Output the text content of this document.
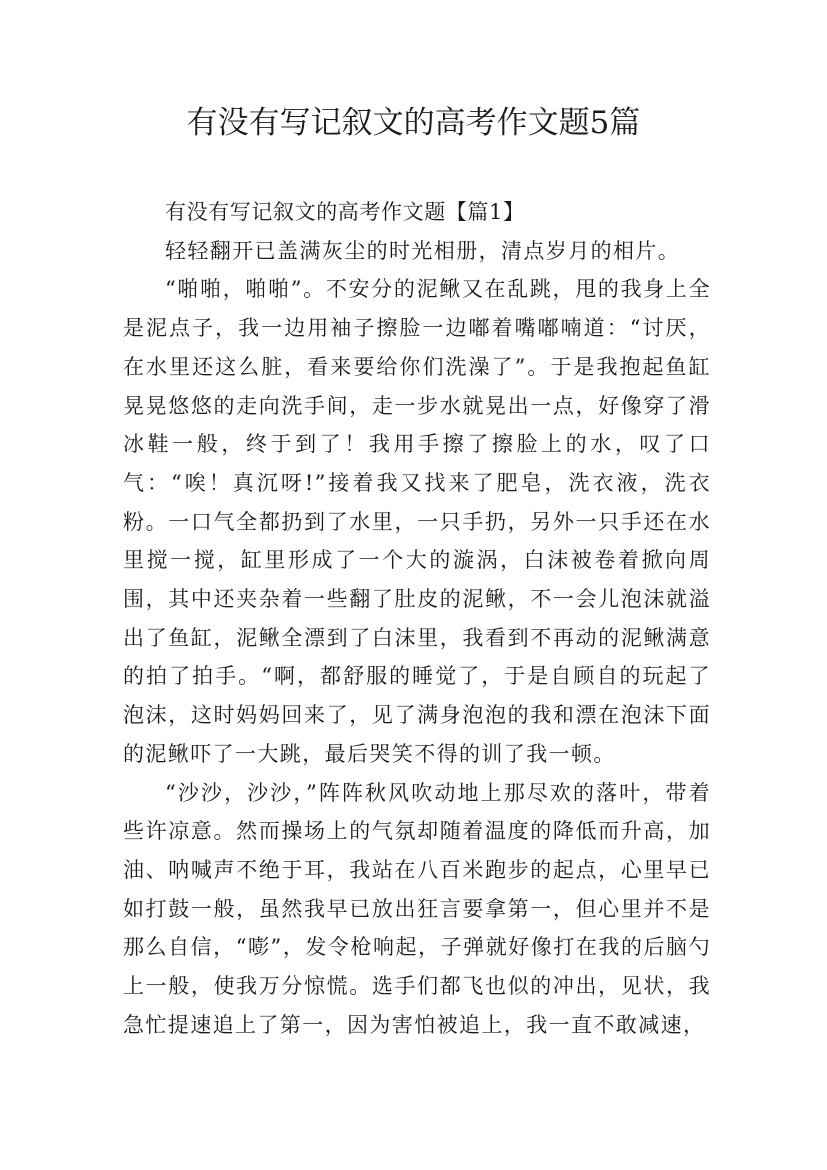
有没有写记叙文的高考作文题5篇

有没有写记叙文的高考作文题【篇1】

轻轻翻开已盖满灰尘的时光相册，清点岁月的相片。

“啪啪，啪啪”。不安分的泥鳅又在乱跳，甩的我身上全是泥点子，我一边用袖子擦脸一边嘟着嘴嘟喃道：“讨厌，在水里还这么脏，看来要给你们洗澡了”。于是我抱起鱼缸晃晃悠悠的走向洗手间，走一步水就晃出一点，好像穿了滑冰鞋一般，终于到了！我用手擦了擦脸上的水，叹了口气：“唉！真沉呀!”接着我又找来了肥皂，洗衣液，洗衣粉。一口气全都扔到了水里，一只手扔，另外一只手还在水里搅一搅，缸里形成了一个大的漩涡，白沫被卷着掀向周围，其中还夹杂着一些翻了肚皮的泥鳅，不一会儿泡沫就溢出了鱼缸，泥鳅全漂到了白沫里，我看到不再动的泥鳅满意的拍了拍手。“啊，都舒服的睡觉了，于是自顾自的玩起了泡沫，这时妈妈回来了，见了满身泡泡的我和漂在泡沫下面的泥鳅吓了一大跳，最后哭笑不得的训了我一顿。

“沙沙，沙沙，”阵阵秋风吹动地上那尽欢的落叶，带着些许凉意。然而操场上的气氛却随着温度的降低而升高，加油、呐喊声不绝于耳，我站在八百米跑步的起点，心里早已如打鼓一般，虽然我早已放出狂言要拿第一，但心里并不是那么自信，“嘭”，发令枪响起，子弹就好像打在我的后脑勺上一般，使我万分惊慌。选手们都飞也似的冲出，见状，我急忙提速追上了第一，因为害怕被追上，我一直不敢减速，
